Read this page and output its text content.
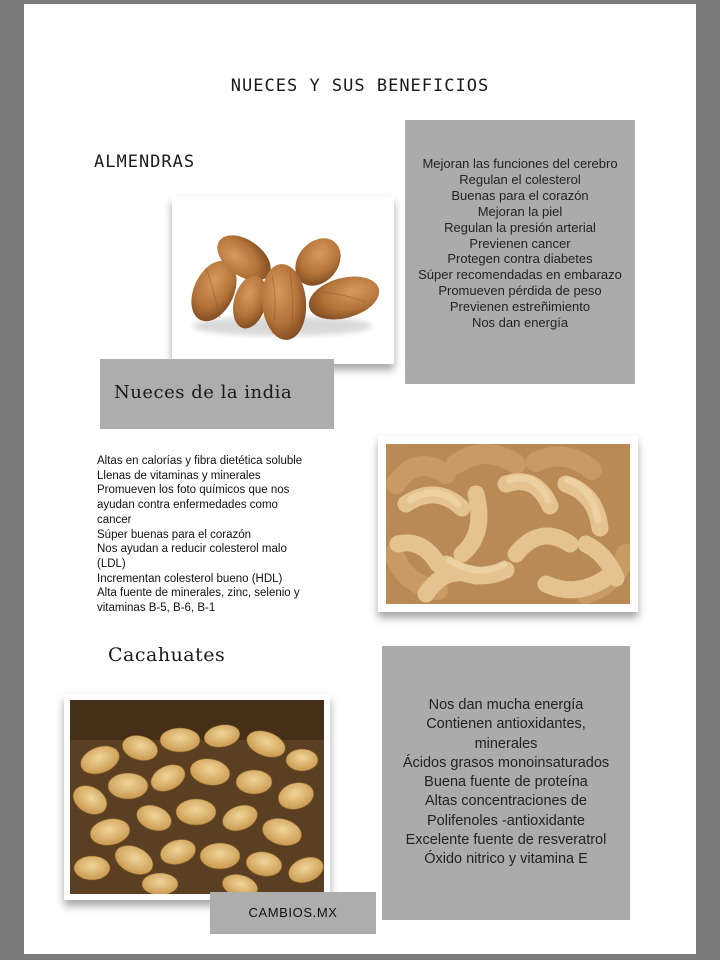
NUECES Y SUS BENEFICIOS
ALMENDRAS	Mejoran las funciones del cerebro
Regulan el colesterol
Buenas para el corazón
Mejoran la piel
Regulan la presión arterial
Previenen cancer
Protegen contra diabetes
Súper recomendadas en embarazo
Promueven pérdida de peso
Previenen estreñimiento
Nos dan energía
Nueces de la india
Altas en calorías y fibra dietética soluble
Llenas de vitaminas y minerales
Promueven los foto químicos que nos
ayudan contra enfermedades como
cancer
Súper buenas para el corazón
Nos ayudan a reducir colesterol malo
(LDL)
Incrementan colesterol bueno (HDL)
Alta fuente de minerales, zinc, selenio y
vitaminas B-5, B-6, B-1
Cacahuates
Nos dan mucha energía
Contienen antioxidantes,
minerales
Ácidos grasos monoinsaturados
Buena fuente de proteína
Altas concentraciones de
Polifenoles -antioxidante
Excelente fuente de resveratrol
Óxido nitrico y vitamina E
CAMBIOS.MX
